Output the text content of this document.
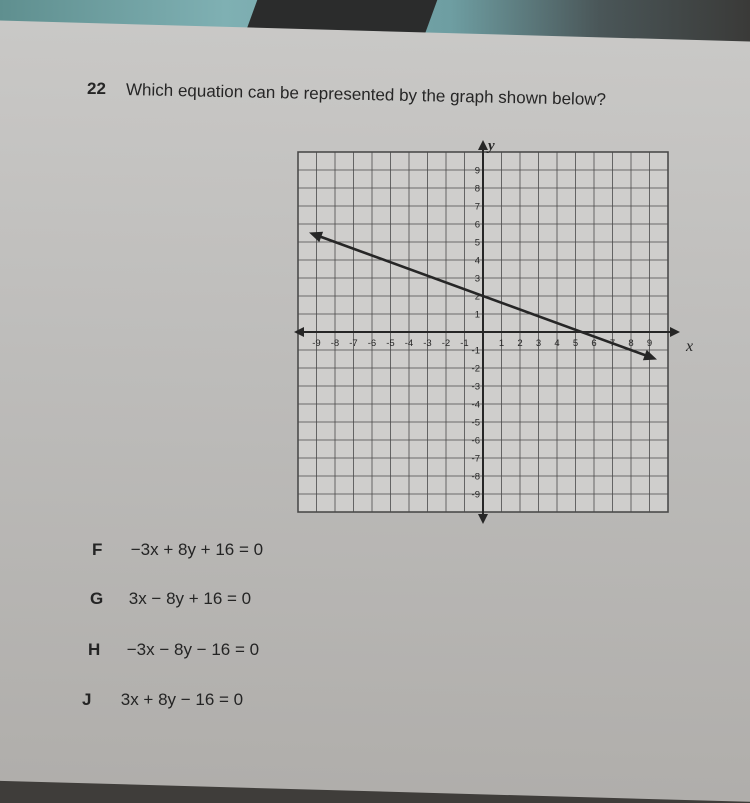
22 Which equation can be represented by the graph shown below?
-9 -8 -7 -6 -5 -4 -3 -2 -1	1 2 3 4 5 6	8 9
9
8
7
6
5
4
3
2
1
-1
-2
-3
-4
-5
-6
-7
-8
-9
x
y
F −3x + 8y + 16 = 0
G 3x − 8y + 16 = 0
H −3x − 8y − 16 = 0
J 3x + 8y − 16 = 0
